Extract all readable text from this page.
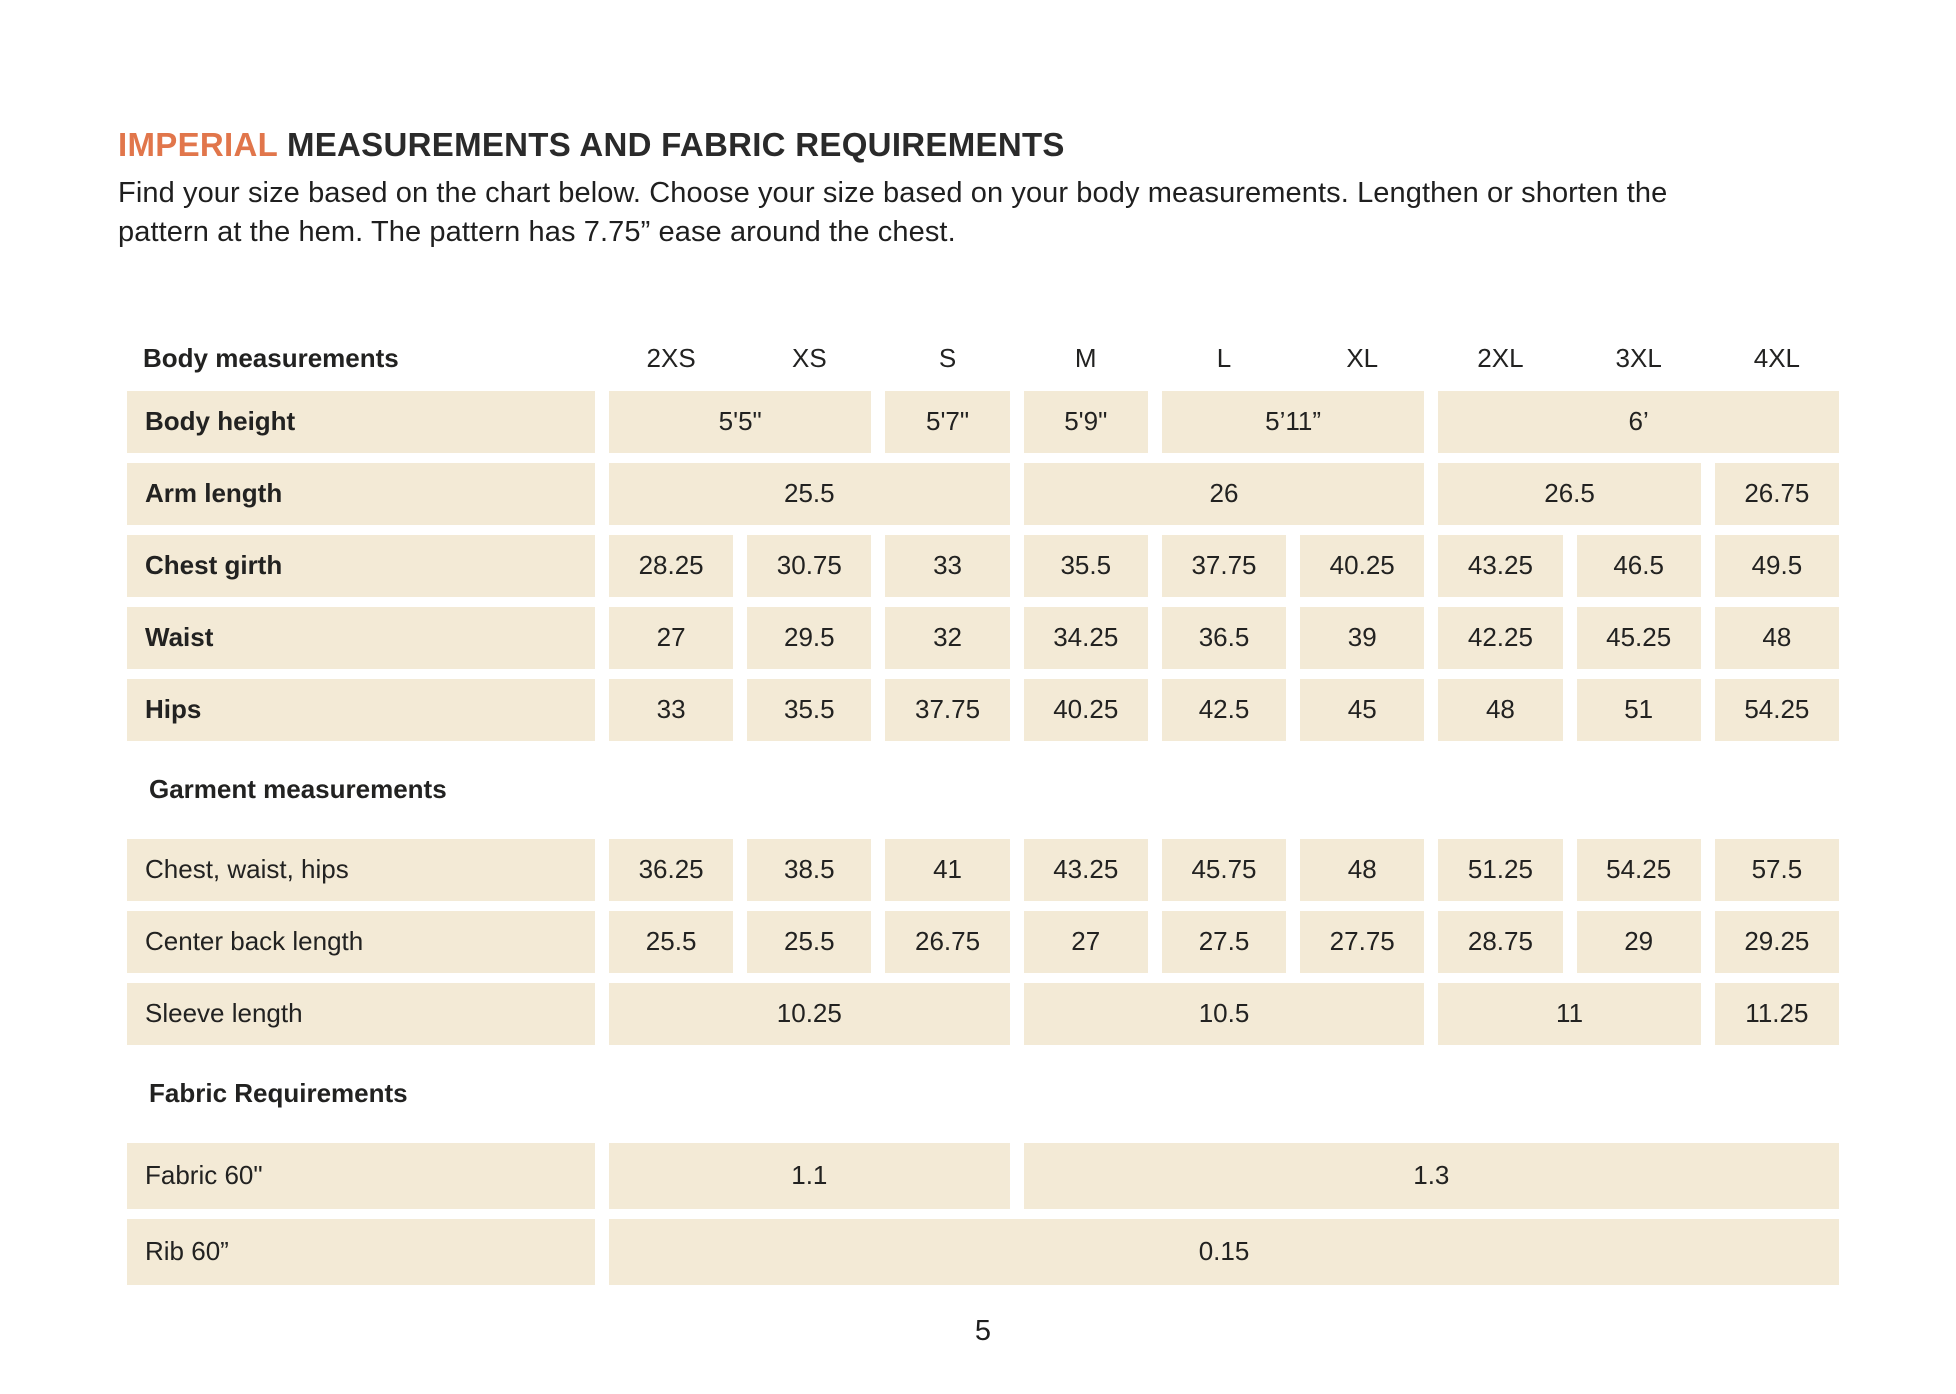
IMPERIAL MEASUREMENTS AND FABRIC REQUIREMENTS
Find your size based on the chart below. Choose your size based on your body measurements. Lengthen or shorten the
pattern at the hem. The pattern has 7.75” ease around the chest.
Body measurements	2XS	XS	S	M	L	XL	2XL	3XL	4XL
Body height	5'5"	5'7"	5'9"	5’11”	6’
Arm length	25.5	26	26.5	26.75
Chest girth	28.25	30.75	33	35.5	37.75	40.25	43.25	46.5	49.5
Waist	27	29.5	32	34.25	36.5	39	42.25	45.25	48
Hips	33	35.5	37.75	40.25	42.5	45	48	51	54.25
Garment measurements
Chest, waist, hips	36.25	38.5	41	43.25	45.75	48	51.25	54.25	57.5
Center back length	25.5	25.5	26.75	27	27.5	27.75	28.75	29	29.25
Sleeve length	10.25	10.5	11	11.25
Fabric Requirements
Fabric 60"	1.1	1.3
Rib 60”	0.15
5
